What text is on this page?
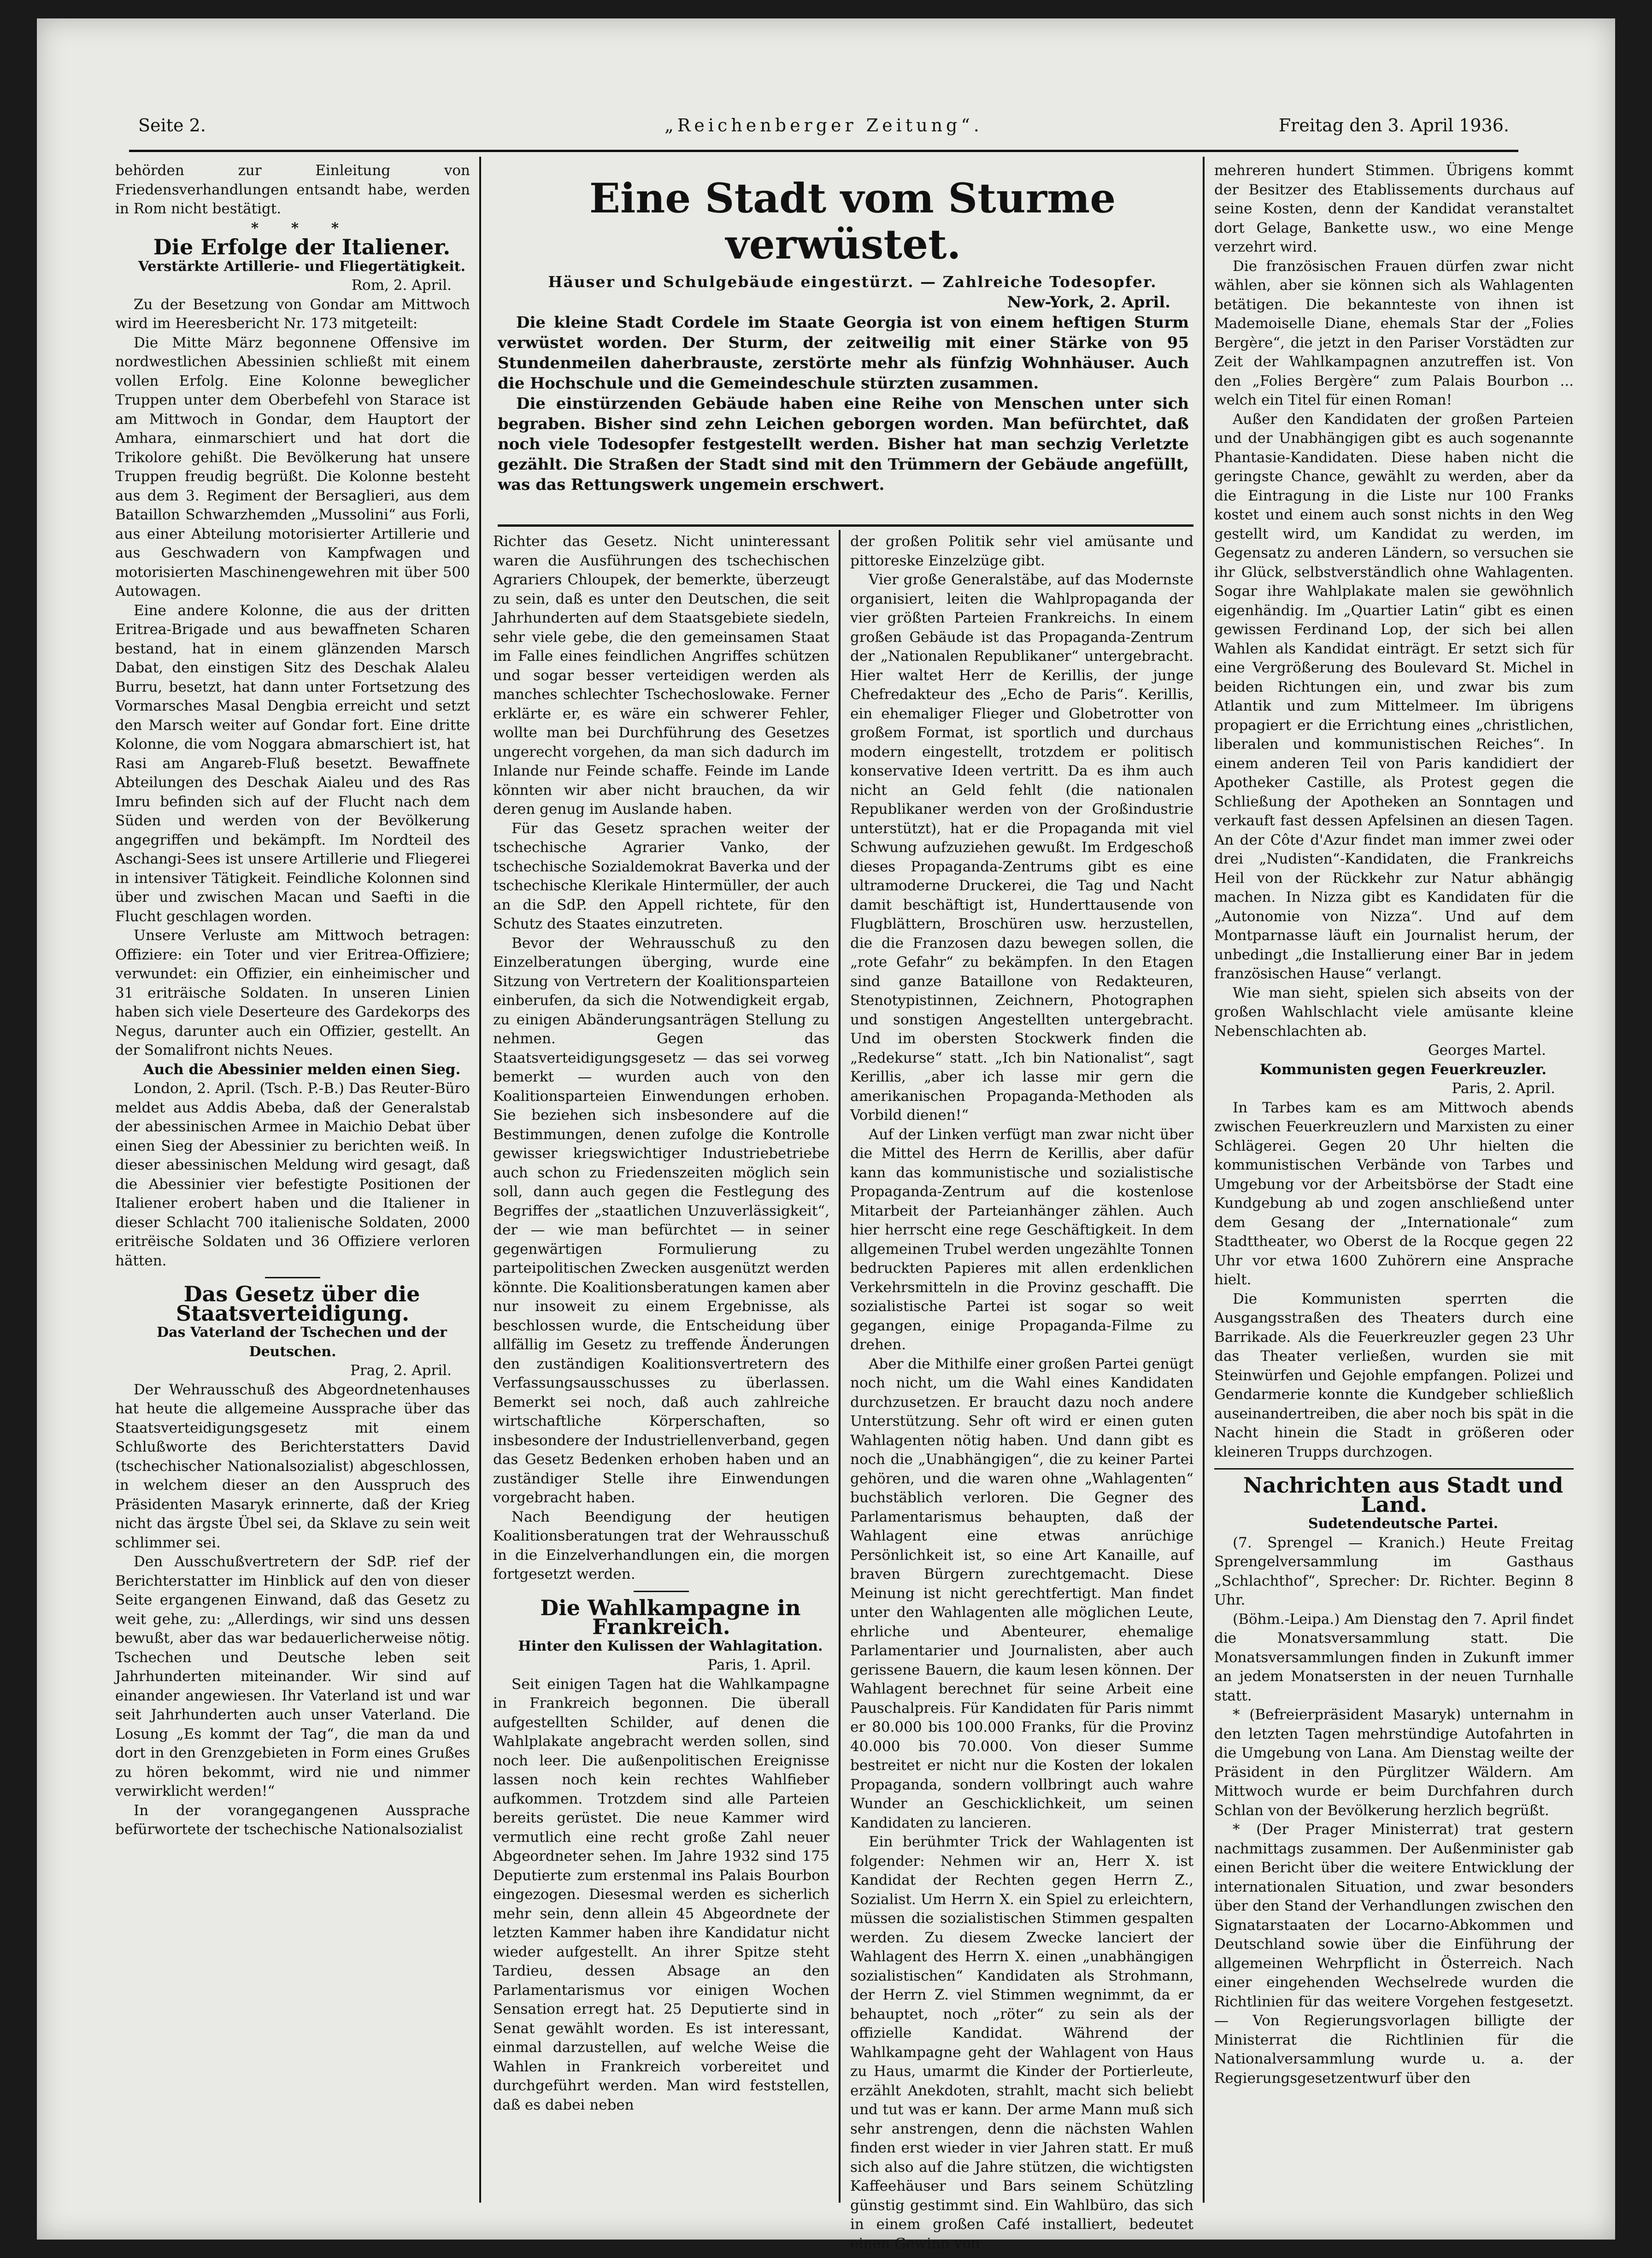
Seite 2.	„Reichenberger Zeitung“.	Freitag den 3. April 1936.

behörden zur Einleitung von Friedensverhandlungen entsandt habe, werden in Rom nicht bestätigt.

* * *

Die Erfolge der Italiener.

Verstärkte Artillerie- und Fliegertätigkeit.

Rom, 2. April.

Zu der Besetzung von Gondar am Mittwoch wird im Heeresbericht Nr. 173 mitgeteilt:

Die Mitte März begonnene Offensive im nordwestlichen Abessinien schließt mit einem vollen Erfolg. Eine Kolonne beweglicher Truppen unter dem Oberbefehl von Starace ist am Mittwoch in Gondar, dem Hauptort der Amhara, einmarschiert und hat dort die Trikolore gehißt. Die Bevölkerung hat unsere Truppen freudig begrüßt. Die Kolonne besteht aus dem 3. Regiment der Bersaglieri, aus dem Bataillon Schwarzhemden „Mussolini“ aus Forli, aus einer Abteilung motorisierter Artillerie und aus Geschwadern von Kampfwagen und motorisierten Maschinengewehren mit über 500 Autowagen.

Eine andere Kolonne, die aus der dritten Eritrea-Brigade und aus bewaffneten Scharen bestand, hat in einem glänzenden Marsch Dabat, den einstigen Sitz des Deschak Alaleu Burru, besetzt, hat dann unter Fortsetzung des Vormarsches Masal Dengbia erreicht und setzt den Marsch weiter auf Gondar fort. Eine dritte Kolonne, die vom Noggara abmarschiert ist, hat Rasi am Angareb-Fluß besetzt. Bewaffnete Abteilungen des Deschak Aialeu und des Ras Imru befinden sich auf der Flucht nach dem Süden und werden von der Bevölkerung angegriffen und bekämpft. Im Nordteil des Aschangi-Sees ist unsere Artillerie und Fliegerei in intensiver Tätigkeit. Feindliche Kolonnen sind über und zwischen Macan und Saefti in die Flucht geschlagen worden.

Unsere Verluste am Mittwoch betragen: Offiziere: ein Toter und vier Eritrea-Offiziere; verwundet: ein Offizier, ein einheimischer und 31 eriträische Soldaten. In unseren Linien haben sich viele Deserteure des Gardekorps des Negus, darunter auch ein Offizier, gestellt. An der Somalifront nichts Neues.

Auch die Abessinier melden einen Sieg.

London, 2. April. (Tsch. P.-B.) Das Reuter-Büro meldet aus Addis Abeba, daß der Generalstab der abessinischen Armee in Maichio Debat über einen Sieg der Abessinier zu berichten weiß. In dieser abessinischen Meldung wird gesagt, daß die Abessinier vier befestigte Positionen der Italiener erobert haben und die Italiener in dieser Schlacht 700 italienische Soldaten, 2000 eritrëische Soldaten und 36 Offiziere verloren hätten.

Das Gesetz über die Staatsverteidigung.

Das Vaterland der Tschechen und der Deutschen.

Prag, 2. April.

Der Wehrausschuß des Abgeordnetenhauses hat heute die allgemeine Aussprache über das Staatsverteidigungsgesetz mit einem Schlußworte des Berichterstatters David (tschechischer Nationalsozialist) abgeschlossen, in welchem dieser an den Ausspruch des Präsidenten Masaryk erinnerte, daß der Krieg nicht das ärgste Übel sei, da Sklave zu sein weit schlimmer sei.

Den Ausschußvertretern der SdP. rief der Berichterstatter im Hinblick auf den von dieser Seite ergangenen Einwand, daß das Gesetz zu weit gehe, zu: „Allerdings, wir sind uns dessen bewußt, aber das war bedauerlicherweise nötig. Tschechen und Deutsche leben seit Jahrhunderten miteinander. Wir sind auf einander angewiesen. Ihr Vaterland ist und war seit Jahrhunderten auch unser Vaterland. Die Losung „Es kommt der Tag“, die man da und dort in den Grenzgebieten in Form eines Grußes zu hören bekommt, wird nie und nimmer verwirklicht werden!“

In der vorangegangenen Aussprache befürwortete der tschechische Nationalsozialist

Eine Stadt vom Sturme verwüstet.

Häuser und Schulgebäude eingestürzt. — Zahlreiche Todesopfer.

New-York, 2. April.

Die kleine Stadt Cordele im Staate Georgia ist von einem heftigen Sturm verwüstet worden. Der Sturm, der zeitweilig mit einer Stärke von 95 Stundenmeilen daherbrauste, zerstörte mehr als fünfzig Wohnhäuser. Auch die Hochschule und die Gemeindeschule stürzten zusammen.

Die einstürzenden Gebäude haben eine Reihe von Menschen unter sich begraben. Bisher sind zehn Leichen geborgen worden. Man befürchtet, daß noch viele Todesopfer festgestellt werden. Bisher hat man sechzig Verletzte gezählt. Die Straßen der Stadt sind mit den Trümmern der Gebäude angefüllt, was das Rettungswerk ungemein erschwert.

Richter das Gesetz. Nicht uninteressant waren die Ausführungen des tschechischen Agrariers Chloupek, der bemerkte, überzeugt zu sein, daß es unter den Deutschen, die seit Jahrhunderten auf dem Staatsgebiete siedeln, sehr viele gebe, die den gemeinsamen Staat im Falle eines feindlichen Angriffes schützen und sogar besser verteidigen werden als manches schlechter Tschechoslowake. Ferner erklärte er, es wäre ein schwerer Fehler, wollte man bei Durchführung des Gesetzes ungerecht vorgehen, da man sich dadurch im Inlande nur Feinde schaffe. Feinde im Lande könnten wir aber nicht brauchen, da wir deren genug im Auslande haben.

Für das Gesetz sprachen weiter der tschechische Agrarier Vanko, der tschechische Sozialdemokrat Baverka und der tschechische Klerikale Hintermüller, der auch an die SdP. den Appell richtete, für den Schutz des Staates einzutreten.

Bevor der Wehrausschuß zu den Einzelberatungen überging, wurde eine Sitzung von Vertretern der Koalitionsparteien einberufen, da sich die Notwendigkeit ergab, zu einigen Abänderungsanträgen Stellung zu nehmen. Gegen das Staatsverteidigungsgesetz — das sei vorweg bemerkt — wurden auch von den Koalitionsparteien Einwendungen erhoben. Sie beziehen sich insbesondere auf die Bestimmungen, denen zufolge die Kontrolle gewisser kriegswichtiger Industriebetriebe auch schon zu Friedenszeiten möglich sein soll, dann auch gegen die Festlegung des Begriffes der „staatlichen Unzuverlässigkeit“, der — wie man befürchtet — in seiner gegenwärtigen Formulierung zu parteipolitischen Zwecken ausgenützt werden könnte. Die Koalitionsberatungen kamen aber nur insoweit zu einem Ergebnisse, als beschlossen wurde, die Entscheidung über allfällig im Gesetz zu treffende Änderungen den zuständigen Koalitionsvertretern des Verfassungsausschusses zu überlassen. Bemerkt sei noch, daß auch zahlreiche wirtschaftliche Körperschaften, so insbesondere der Industriellenverband, gegen das Gesetz Bedenken erhoben haben und an zuständiger Stelle ihre Einwendungen vorgebracht haben.

Nach Beendigung der heutigen Koalitionsberatungen trat der Wehrausschuß in die Einzelverhandlungen ein, die morgen fortgesetzt werden.

Die Wahlkampagne in Frankreich.

Hinter den Kulissen der Wahlagitation.

Paris, 1. April.

Seit einigen Tagen hat die Wahlkampagne in Frankreich begonnen. Die überall aufgestellten Schilder, auf denen die Wahlplakate angebracht werden sollen, sind noch leer. Die außenpolitischen Ereignisse lassen noch kein rechtes Wahlfieber aufkommen. Trotzdem sind alle Parteien bereits gerüstet. Die neue Kammer wird vermutlich eine recht große Zahl neuer Abgeordneter sehen. Im Jahre 1932 sind 175 Deputierte zum erstenmal ins Palais Bourbon eingezogen. Diesesmal werden es sicherlich mehr sein, denn allein 45 Abgeordnete der letzten Kammer haben ihre Kandidatur nicht wieder aufgestellt. An ihrer Spitze steht Tardieu, dessen Absage an den Parlamentarismus vor einigen Wochen Sensation erregt hat. 25 Deputierte sind in Senat gewählt worden. Es ist interessant, einmal darzustellen, auf welche Weise die Wahlen in Frankreich vorbereitet und durchgeführt werden. Man wird feststellen, daß es dabei neben

der großen Politik sehr viel amüsante und pittoreske Einzelzüge gibt.

Vier große Generalstäbe, auf das Modernste organisiert, leiten die Wahlpropaganda der vier größten Parteien Frankreichs. In einem großen Gebäude ist das Propaganda-Zentrum der „Nationalen Republikaner“ untergebracht. Hier waltet Herr de Kerillis, der junge Chefredakteur des „Echo de Paris“. Kerillis, ein ehemaliger Flieger und Globetrotter von großem Format, ist sportlich und durchaus modern eingestellt, trotzdem er politisch konservative Ideen vertritt. Da es ihm auch nicht an Geld fehlt (die nationalen Republikaner werden von der Großindustrie unterstützt), hat er die Propaganda mit viel Schwung aufzuziehen gewußt. Im Erdgeschoß dieses Propaganda-Zentrums gibt es eine ultramoderne Druckerei, die Tag und Nacht damit beschäftigt ist, Hunderttausende von Flugblättern, Broschüren usw. herzustellen, die die Franzosen dazu bewegen sollen, die „rote Gefahr“ zu bekämpfen. In den Etagen sind ganze Bataillone von Redakteuren, Stenotypistinnen, Zeichnern, Photographen und sonstigen Angestellten untergebracht. Und im obersten Stockwerk finden die „Redekurse“ statt. „Ich bin Nationalist“, sagt Kerillis, „aber ich lasse mir gern die amerikanischen Propaganda-Methoden als Vorbild dienen!“

Auf der Linken verfügt man zwar nicht über die Mittel des Herrn de Kerillis, aber dafür kann das kommunistische und sozialistische Propaganda-Zentrum auf die kostenlose Mitarbeit der Parteianhänger zählen. Auch hier herrscht eine rege Geschäftigkeit. In dem allgemeinen Trubel werden ungezählte Tonnen bedruckten Papieres mit allen erdenklichen Verkehrsmitteln in die Provinz geschafft. Die sozialistische Partei ist sogar so weit gegangen, einige Propaganda-Filme zu drehen.

Aber die Mithilfe einer großen Partei genügt noch nicht, um die Wahl eines Kandidaten durchzusetzen. Er braucht dazu noch andere Unterstützung. Sehr oft wird er einen guten Wahlagenten nötig haben. Und dann gibt es noch die „Unabhängigen“, die zu keiner Partei gehören, und die waren ohne „Wahlagenten“ buchstäblich verloren. Die Gegner des Parlamentarismus behaupten, daß der Wahlagent eine etwas anrüchige Persönlichkeit ist, so eine Art Kanaille, auf braven Bürgern zurechtgemacht. Diese Meinung ist nicht gerechtfertigt. Man findet unter den Wahlagenten alle möglichen Leute, ehrliche und Abenteurer, ehemalige Parlamentarier und Journalisten, aber auch gerissene Bauern, die kaum lesen können. Der Wahlagent berechnet für seine Arbeit eine Pauschalpreis. Für Kandidaten für Paris nimmt er 80.000 bis 100.000 Franks, für die Provinz 40.000 bis 70.000. Von dieser Summe bestreitet er nicht nur die Kosten der lokalen Propaganda, sondern vollbringt auch wahre Wunder an Geschicklichkeit, um seinen Kandidaten zu lancieren.

Ein berühmter Trick der Wahlagenten ist folgender: Nehmen wir an, Herr X. ist Kandidat der Rechten gegen Herrn Z., Sozialist. Um Herrn X. ein Spiel zu erleichtern, müssen die sozialistischen Stimmen gespalten werden. Zu diesem Zwecke lanciert der Wahlagent des Herrn X. einen „unabhängigen sozialistischen“ Kandidaten als Strohmann, der Herrn Z. viel Stimmen wegnimmt, da er behauptet, noch „röter“ zu sein als der offizielle Kandidat. Während der Wahlkampagne geht der Wahlagent von Haus zu Haus, umarmt die Kinder der Portierleute, erzählt Anekdoten, strahlt, macht sich beliebt und tut was er kann. Der arme Mann muß sich sehr anstrengen, denn die nächsten Wahlen finden erst wieder in vier Jahren statt. Er muß sich also auf die Jahre stützen, die wichtigsten Kaffeehäuser und Bars seinem Schützling günstig gestimmt sind. Ein Wahlbüro, das sich in einem großen Café installiert, bedeutet einen Gewinn von

mehreren hundert Stimmen. Übrigens kommt der Besitzer des Etablissements durchaus auf seine Kosten, denn der Kandidat veranstaltet dort Gelage, Bankette usw., wo eine Menge verzehrt wird.

Die französischen Frauen dürfen zwar nicht wählen, aber sie können sich als Wahlagenten betätigen. Die bekannteste von ihnen ist Mademoiselle Diane, ehemals Star der „Folies Bergère“, die jetzt in den Pariser Vorstädten zur Zeit der Wahlkampagnen anzutreffen ist. Von den „Folies Bergère“ zum Palais Bourbon ... welch ein Titel für einen Roman!

Außer den Kandidaten der großen Parteien und der Unabhängigen gibt es auch sogenannte Phantasie-Kandidaten. Diese haben nicht die geringste Chance, gewählt zu werden, aber da die Eintragung in die Liste nur 100 Franks kostet und einem auch sonst nichts in den Weg gestellt wird, um Kandidat zu werden, im Gegensatz zu anderen Ländern, so versuchen sie ihr Glück, selbstverständlich ohne Wahlagenten. Sogar ihre Wahlplakate malen sie gewöhnlich eigenhändig. Im „Quartier Latin“ gibt es einen gewissen Ferdinand Lop, der sich bei allen Wahlen als Kandidat einträgt. Er setzt sich für eine Vergrößerung des Boulevard St. Michel in beiden Richtungen ein, und zwar bis zum Atlantik und zum Mittelmeer. Im übrigens propagiert er die Errichtung eines „christlichen, liberalen und kommunistischen Reiches“. In einem anderen Teil von Paris kandidiert der Apotheker Castille, als Protest gegen die Schließung der Apotheken an Sonntagen und verkauft fast dessen Apfelsinen an diesen Tagen. An der Côte d'Azur findet man immer zwei oder drei „Nudisten“-Kandidaten, die Frankreichs Heil von der Rückkehr zur Natur abhängig machen. In Nizza gibt es Kandidaten für die „Autonomie von Nizza“. Und auf dem Montparnasse läuft ein Journalist herum, der unbedingt „die Installierung einer Bar in jedem französischen Hause“ verlangt.

Wie man sieht, spielen sich abseits von der großen Wahlschlacht viele amüsante kleine Nebenschlachten ab.

Georges Martel.

Kommunisten gegen Feuerkreuzler.

Paris, 2. April.

In Tarbes kam es am Mittwoch abends zwischen Feuerkreuzlern und Marxisten zu einer Schlägerei. Gegen 20 Uhr hielten die kommunistischen Verbände von Tarbes und Umgebung vor der Arbeitsbörse der Stadt eine Kundgebung ab und zogen anschließend unter dem Gesang der „Internationale“ zum Stadttheater, wo Oberst de la Rocque gegen 22 Uhr vor etwa 1600 Zuhörern eine Ansprache hielt.

Die Kommunisten sperrten die Ausgangsstraßen des Theaters durch eine Barrikade. Als die Feuerkreuzler gegen 23 Uhr das Theater verließen, wurden sie mit Steinwürfen und Gejohle empfangen. Polizei und Gendarmerie konnte die Kundgeber schließlich auseinandertreiben, die aber noch bis spät in die Nacht hinein die Stadt in größeren oder kleineren Trupps durchzogen.

Nachrichten aus Stadt und Land.

Sudetendeutsche Partei.

(7. Sprengel — Kranich.) Heute Freitag Sprengelversammlung im Gasthaus „Schlachthof“, Sprecher: Dr. Richter. Beginn 8 Uhr.

(Böhm.-Leipa.) Am Dienstag den 7. April findet die Monatsversammlung statt. Die Monatsversammlungen finden in Zukunft immer an jedem Monatsersten in der neuen Turnhalle statt.

* (Befreierpräsident Masaryk) unternahm in den letzten Tagen mehrstündige Autofahrten in die Umgebung von Lana. Am Dienstag weilte der Präsident in den Pürglitzer Wäldern. Am Mittwoch wurde er beim Durchfahren durch Schlan von der Bevölkerung herzlich begrüßt.

* (Der Prager Ministerrat) trat gestern nachmittags zusammen. Der Außenminister gab einen Bericht über die weitere Entwicklung der internationalen Situation, und zwar besonders über den Stand der Verhandlungen zwischen den Signatarstaaten der Locarno-Abkommen und Deutschland sowie über die Einführung der allgemeinen Wehrpflicht in Österreich. Nach einer eingehenden Wechselrede wurden die Richtlinien für das weitere Vorgehen festgesetzt. — Von Regierungsvorlagen billigte der Ministerrat die Richtlinien für die Nationalversammlung wurde u. a. der Regierungsgesetzentwurf über den
